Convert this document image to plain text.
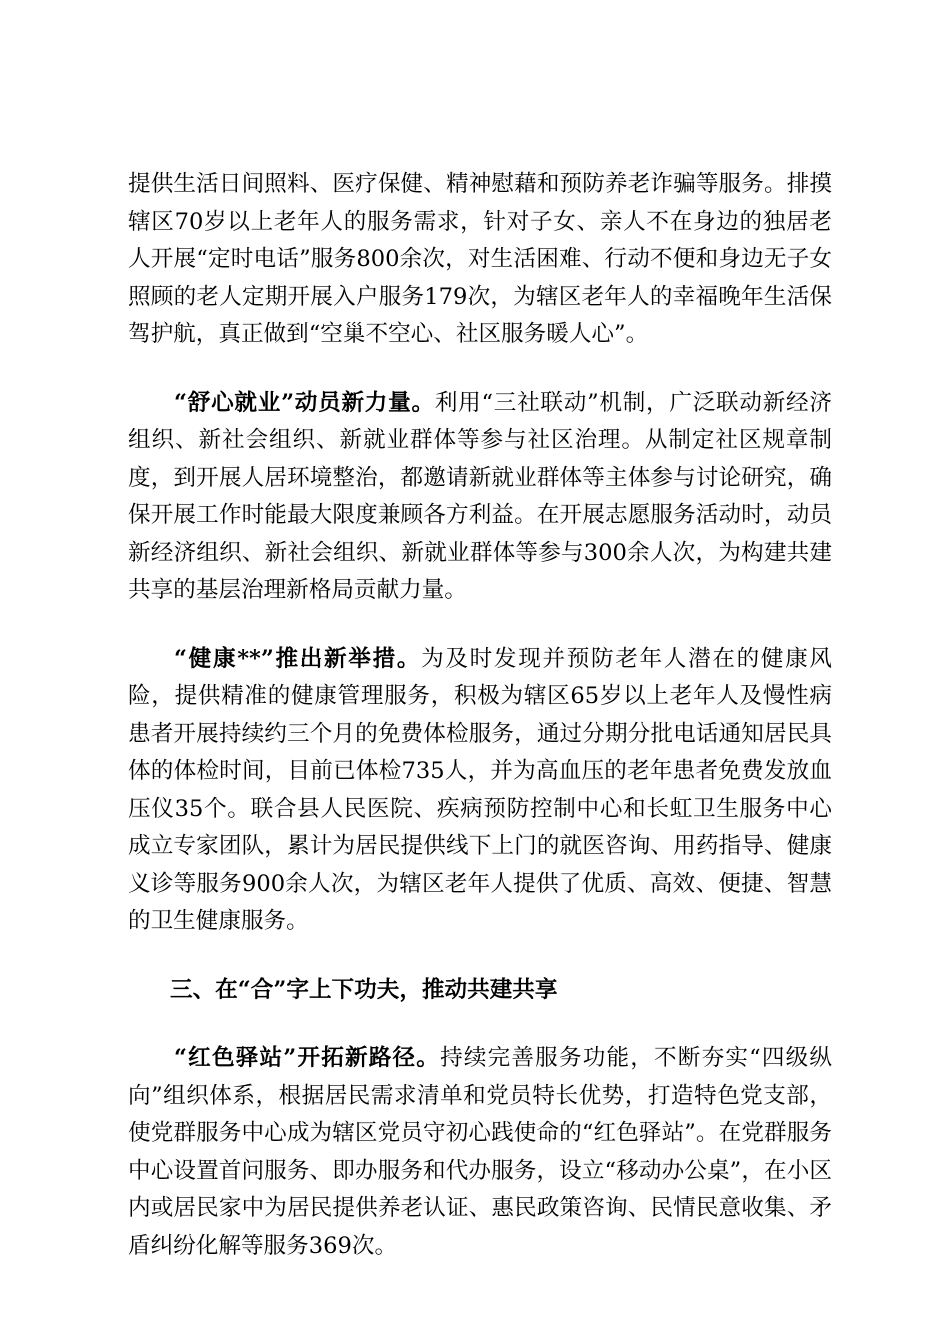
提供生活日间照料、医疗保健、精神慰藉和预防养老诈骗等服务。排摸辖区70岁以上老年人的服务需求，针对子女、亲人不在身边的独居老人开展“定时电话”服务800余次，对生活困难、行动不便和身边无子女照顾的老人定期开展入户服务179次，为辖区老年人的幸福晚年生活保驾护航，真正做到“空巢不空心、社区服务暖人心”。

“舒心就业”动员新力量。利用“三社联动”机制，广泛联动新经济组织、新社会组织、新就业群体等参与社区治理。从制定社区规章制度，到开展人居环境整治，都邀请新就业群体等主体参与讨论研究，确保开展工作时能最大限度兼顾各方利益。在开展志愿服务活动时，动员新经济组织、新社会组织、新就业群体等参与300余人次，为构建共建共享的基层治理新格局贡献力量。

“健康**”推出新举措。为及时发现并预防老年人潜在的健康风险，提供精准的健康管理服务，积极为辖区65岁以上老年人及慢性病患者开展持续约三个月的免费体检服务，通过分期分批电话通知居民具体的体检时间，目前已体检735人，并为高血压的老年患者免费发放血压仪35个。联合县人民医院、疾病预防控制中心和长虹卫生服务中心成立专家团队，累计为居民提供线下上门的就医咨询、用药指导、健康义诊等服务900余人次，为辖区老年人提供了优质、高效、便捷、智慧的卫生健康服务。

三、在“合”字上下功夫，推动共建共享

“红色驿站”开拓新路径。持续完善服务功能，不断夯实“四级纵向”组织体系，根据居民需求清单和党员特长优势，打造特色党支部，使党群服务中心成为辖区党员守初心践使命的“红色驿站”。在党群服务中心设置首问服务、即办服务和代办服务，设立“移动办公桌”，在小区内或居民家中为居民提供养老认证、惠民政策咨询、民情民意收集、矛盾纠纷化解等服务369次。
